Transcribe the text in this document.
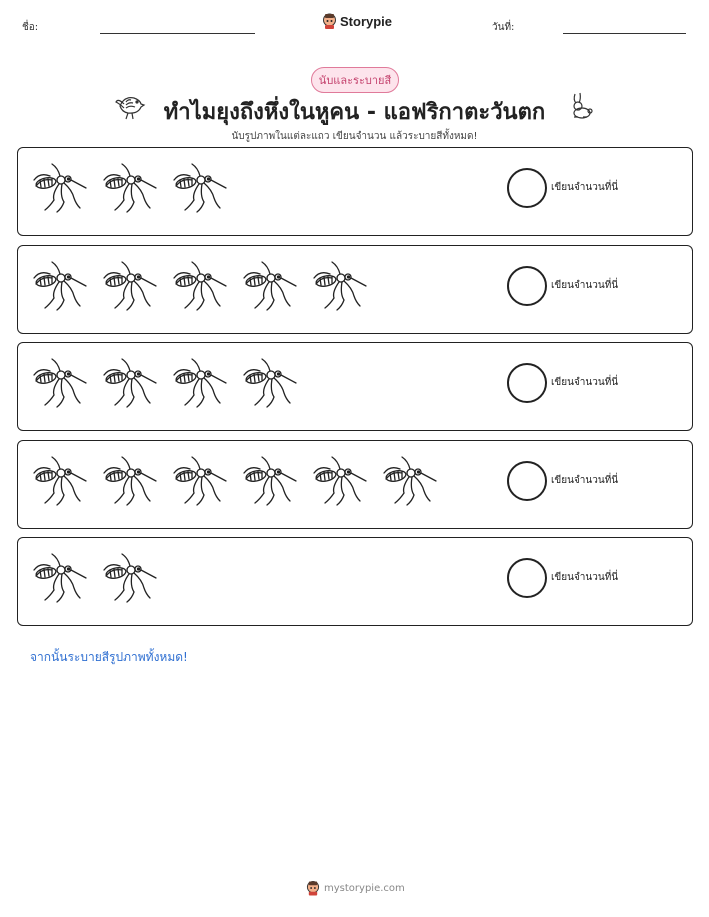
ชื่อ:	Storypie	วันที่:
นับและระบายสี
ทำไมยุงถึงหึ่งในหูคน - แอฟริกาตะวันตก
นับรูปภาพในแต่ละแถว เขียนจำนวน แล้วระบายสีทั้งหมด!
เขียนจำนวนที่นี่
เขียนจำนวนที่นี่
เขียนจำนวนที่นี่
เขียนจำนวนที่นี่
เขียนจำนวนที่นี่
จากนั้นระบายสีรูปภาพทั้งหมด!
mystorypie.com
